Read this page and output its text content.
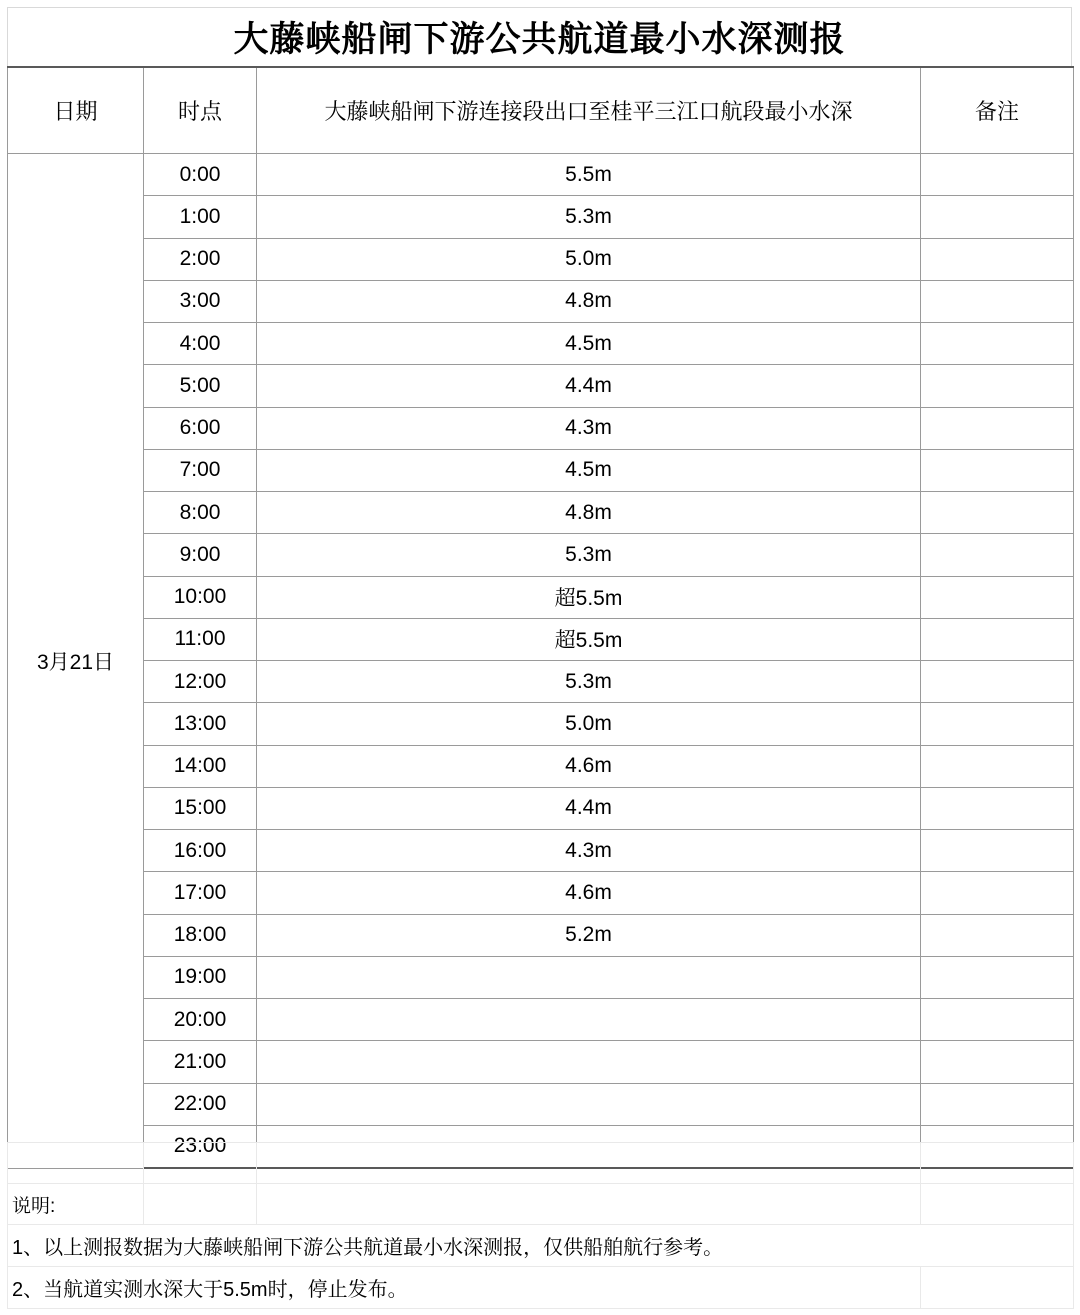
大藤峡船闸下游公共航道最小水深测报
日期	时点	大藤峡船闸下游连接段出口至桂平三江口航段最小水深	备注
3月21日	0:00	5.5m	
	1:00	5.3m	
	2:00	5.0m	
	3:00	4.8m	
	4:00	4.5m	
	5:00	4.4m	
	6:00	4.3m	
	7:00	4.5m	
	8:00	4.8m	
	9:00	5.3m	
	10:00	超5.5m	
	11:00	超5.5m	
	12:00	5.3m	
	13:00	5.0m	
	14:00	4.6m	
	15:00	4.4m	
	16:00	4.3m	
	17:00	4.6m	
	18:00	5.2m	
	19:00		
	20:00		
	21:00		
	22:00		
	23:00		

说明:			
1、以上测报数据为大藤峡船闸下游公共航道最小水深测报，仅供船舶航行参考。			
2、当航道实测水深大于5.5m时，停止发布。			
